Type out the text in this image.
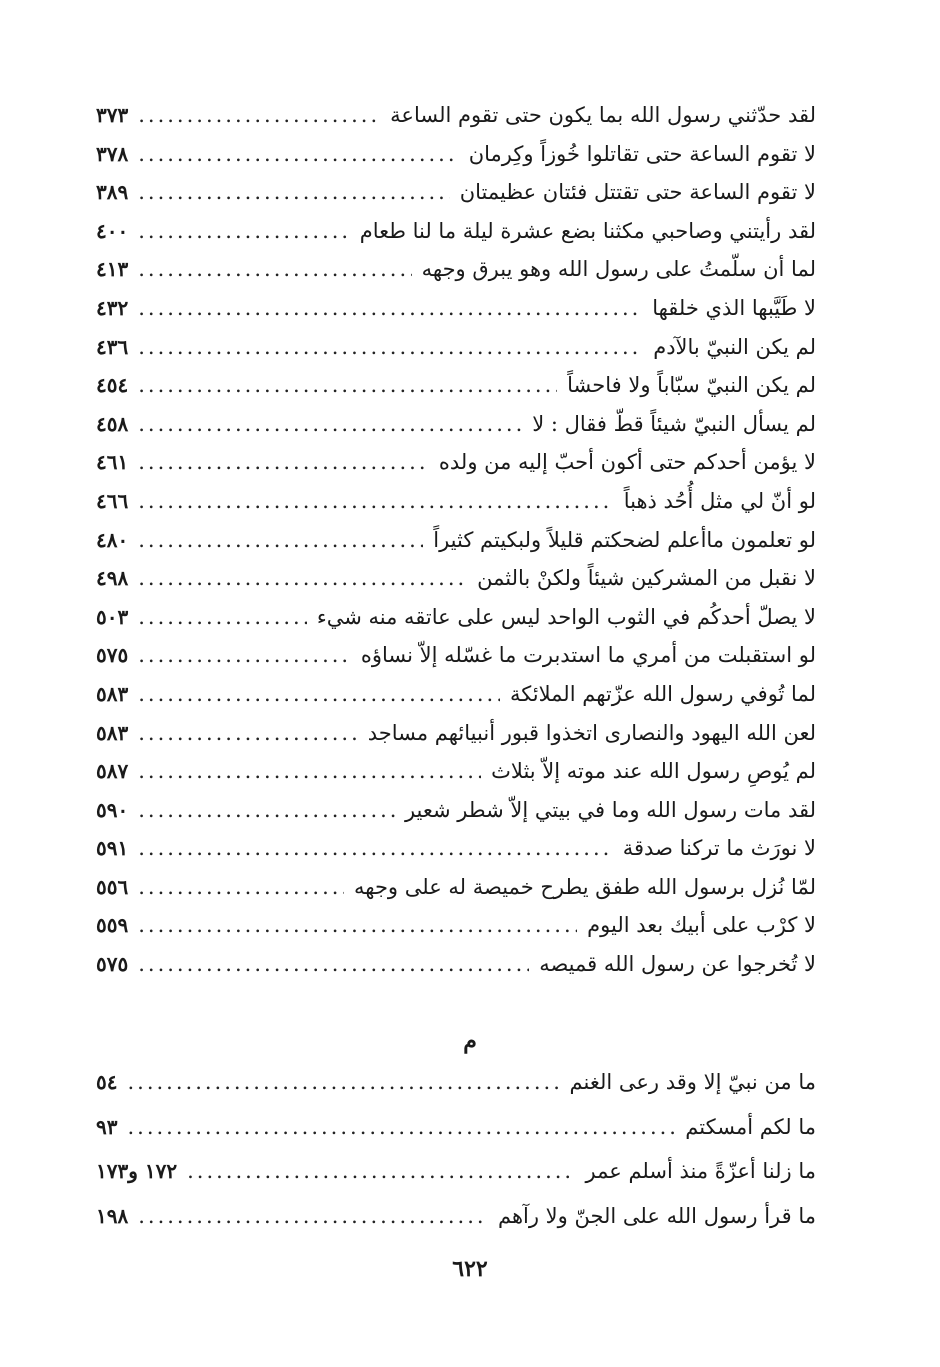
لقد حدّثني رسول الله بما يكون حتى تقوم الساعة
.....
٣٧٣
لا تقوم الساعة حتى تقاتلوا خُوزاً وكِرمان
.....
٣٧٨
لا تقوم الساعة حتى تقتتل فئتان عظيمتان
.....
٣٨٩
لقد رأيتني وصاحبي مكثنا بضع عشرة ليلة ما لنا طعام
.....
٤٠٠
لما أن سلّمتُ على رسول الله وهو يبرق وجهه
.....
٤١٣
لا طَيَّبها الذي خلقها
.....
٤٣٢
لم يكن النبيّ بالآدم
.....
٤٣٦
لم يكن النبيّ سبّاباً ولا فاحشاً
.....
٤٥٤
لم يسأل النبيّ شيئاً قطّ فقال : لا
.....
٤٥٨
لا يؤمن أحدكم حتى أكون أحبّ إليه من ولده
.....
٤٦١
لو أنّ لي مثل أُحُد ذهباً
.....
٤٦٦
لو تعلمون ماأعلم لضحكتم قليلاً ولبكيتم كثيراً
.....
٤٨٠
لا نقبل من المشركين شيئاً ولكنْ بالثمن
.....
٤٩٨
لا يصلّ أحدكُم في الثوب الواحد ليس على عاتقه منه شيء
.....
٥٠٣
لو استقبلت من أمري ما استدبرت ما غسّله إلاّ نساؤه
.....
٥٧٥
لما تُوفي رسول الله عزّتهم الملائكة
.....
٥٨٣
لعن الله اليهود والنصارى اتخذوا قبور أنبيائهم مساجد
.....
٥٨٣
لم يُوصِ رسول الله عند موته إلاّ بثلاث
.....
٥٨٧
لقد مات رسول الله وما في بيتي إلاّ شطر شعير
.....
٥٩٠
لا نورَث ما تركنا صدقة
.....
٥٩١
لمّا نُزل برسول الله طفق يطرح خميصة له على وجهه
.....
٥٥٦
لا كرْب على أبيك بعد اليوم
.....
٥٥٩
لا تُخرجوا عن رسول الله قميصه
.....
٥٧٥
م
ما من نبيّ إلا وقد رعى الغنم
.....
٥٤
ما لكم أمسكتم
.....
٩٣
ما زلنا أعزّةً منذ أسلم عمر
.....
١٧٢ و١٧٣
ما قرأ رسول الله على الجنّ ولا رآهم
.....
١٩٨
٦٢٢
